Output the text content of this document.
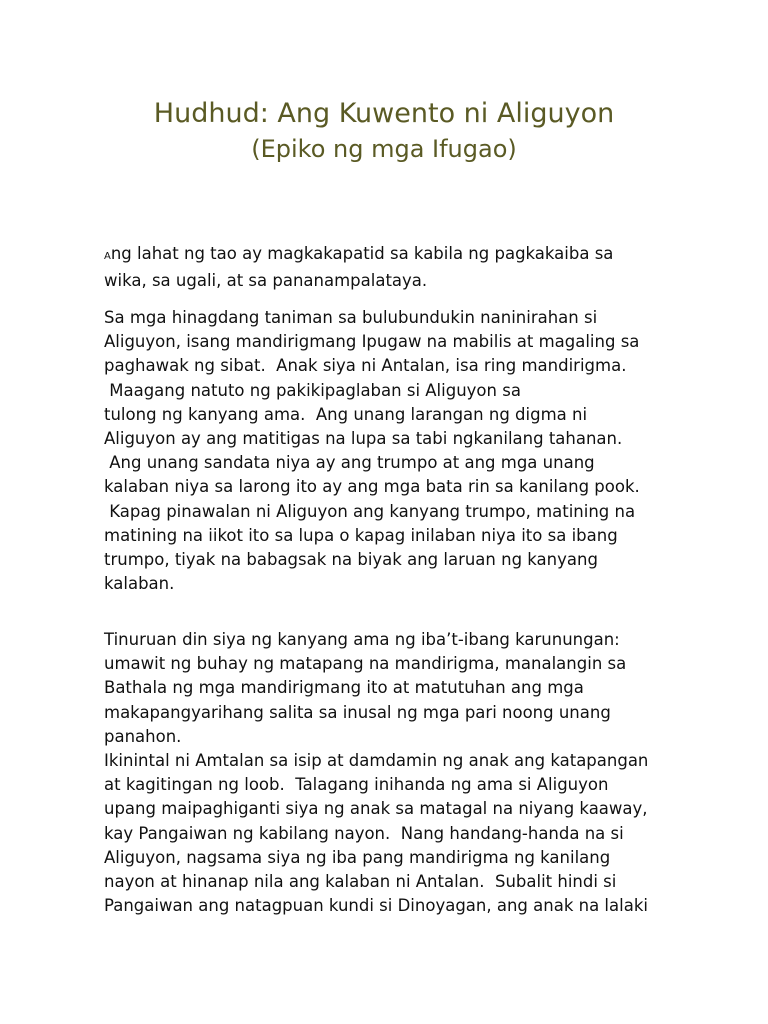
Hudhud: Ang Kuwento ni Aliguyon
(Epiko ng mga Ifugao)
Ang lahat ng tao ay magkakapatid sa kabila ng pagkakaiba sa
wika, sa ugali, at sa pananampalataya.
Sa mga hinagdang taniman sa bulubundukin naninirahan si
Aliguyon, isang mandirigmang Ipugaw na mabilis at magaling sa
paghawak ng sibat.  Anak siya ni Antalan, isa ring mandirigma.
Maagang natuto ng pakikipaglaban si Aliguyon sa
tulong ng kanyang ama.  Ang unang larangan ng digma ni
Aliguyon ay ang matitigas na lupa sa tabi ngkanilang tahanan.
Ang unang sandata niya ay ang trumpo at ang mga unang
kalaban niya sa larong ito ay ang mga bata rin sa kanilang pook.
Kapag pinawalan ni Aliguyon ang kanyang trumpo, matining na
matining na iikot ito sa lupa o kapag inilaban niya ito sa ibang
trumpo, tiyak na babagsak na biyak ang laruan ng kanyang
kalaban.
Tinuruan din siya ng kanyang ama ng iba’t-ibang karunungan:
umawit ng buhay ng matapang na mandirigma, manalangin sa
Bathala ng mga mandirigmang ito at matutuhan ang mga
makapangyarihang salita sa inusal ng mga pari noong unang
panahon.
Ikinintal ni Amtalan sa isip at damdamin ng anak ang katapangan
at kagitingan ng loob.  Talagang inihanda ng ama si Aliguyon
upang maipaghiganti siya ng anak sa matagal na niyang kaaway,
kay Pangaiwan ng kabilang nayon.  Nang handang-handa na si
Aliguyon, nagsama siya ng iba pang mandirigma ng kanilang
nayon at hinanap nila ang kalaban ni Antalan.  Subalit hindi si
Pangaiwan ang natagpuan kundi si Dinoyagan, ang anak na lalaki
